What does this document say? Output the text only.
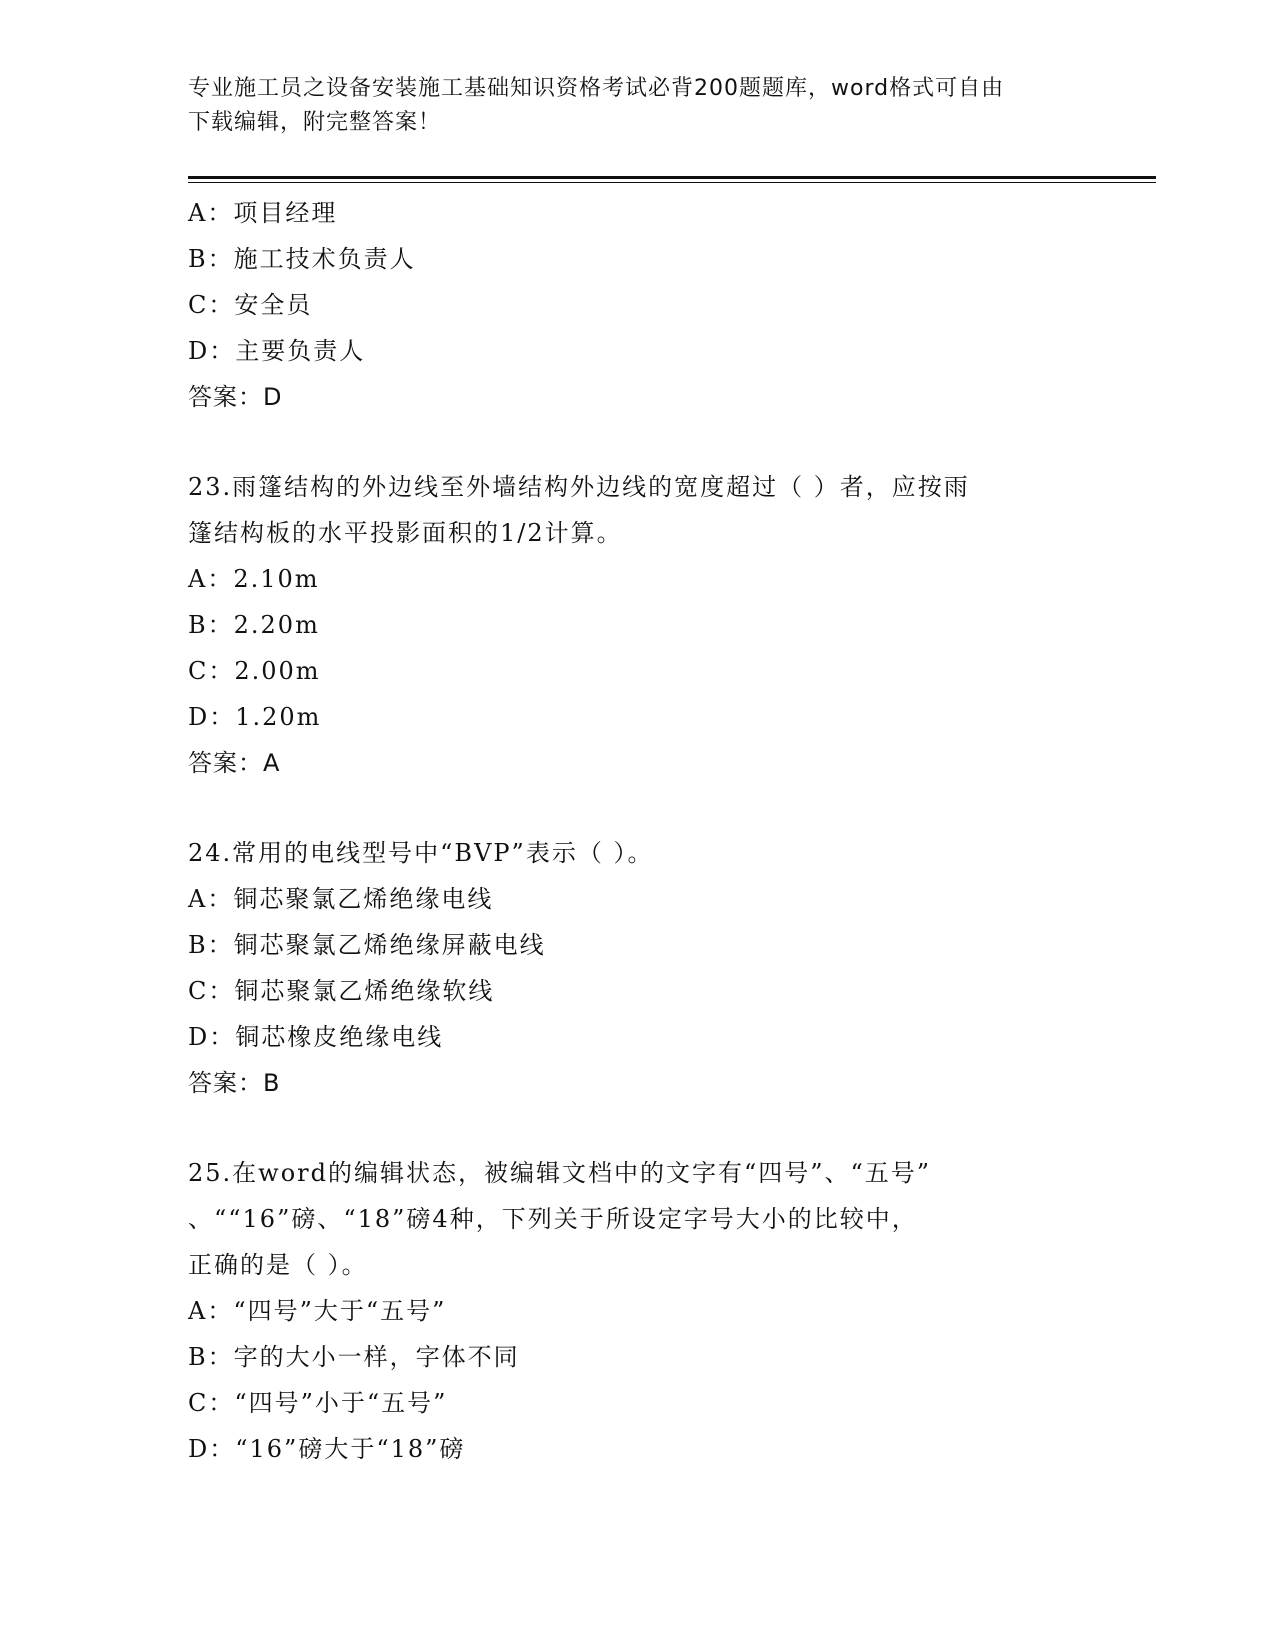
专业施工员之设备安装施工基础知识资格考试必背200题题库，word格式可自由
下载编辑，附完整答案！
A：项目经理
B：施工技术负责人
C：安全员
D：主要负责人
答案：D
23.雨篷结构的外边线至外墙结构外边线的宽度超过（ ）者，应按雨
篷结构板的水平投影面积的1/2计算。
A：2.10m
B：2.20m
C：2.00m
D：1.20m
答案：A
24.常用的电线型号中“BVP”表示（ ）。
A：铜芯聚氯乙烯绝缘电线
B：铜芯聚氯乙烯绝缘屏蔽电线
C：铜芯聚氯乙烯绝缘软线
D：铜芯橡皮绝缘电线
答案：B
25.在word的编辑状态，被编辑文档中的文字有“四号”、“五号”
、““16”磅、“18”磅4种，下列关于所设定字号大小的比较中，
正确的是（ ）。
A：“四号”大于“五号”
B：字的大小一样，字体不同
C：“四号”小于“五号”
D：“16”磅大于“18”磅
